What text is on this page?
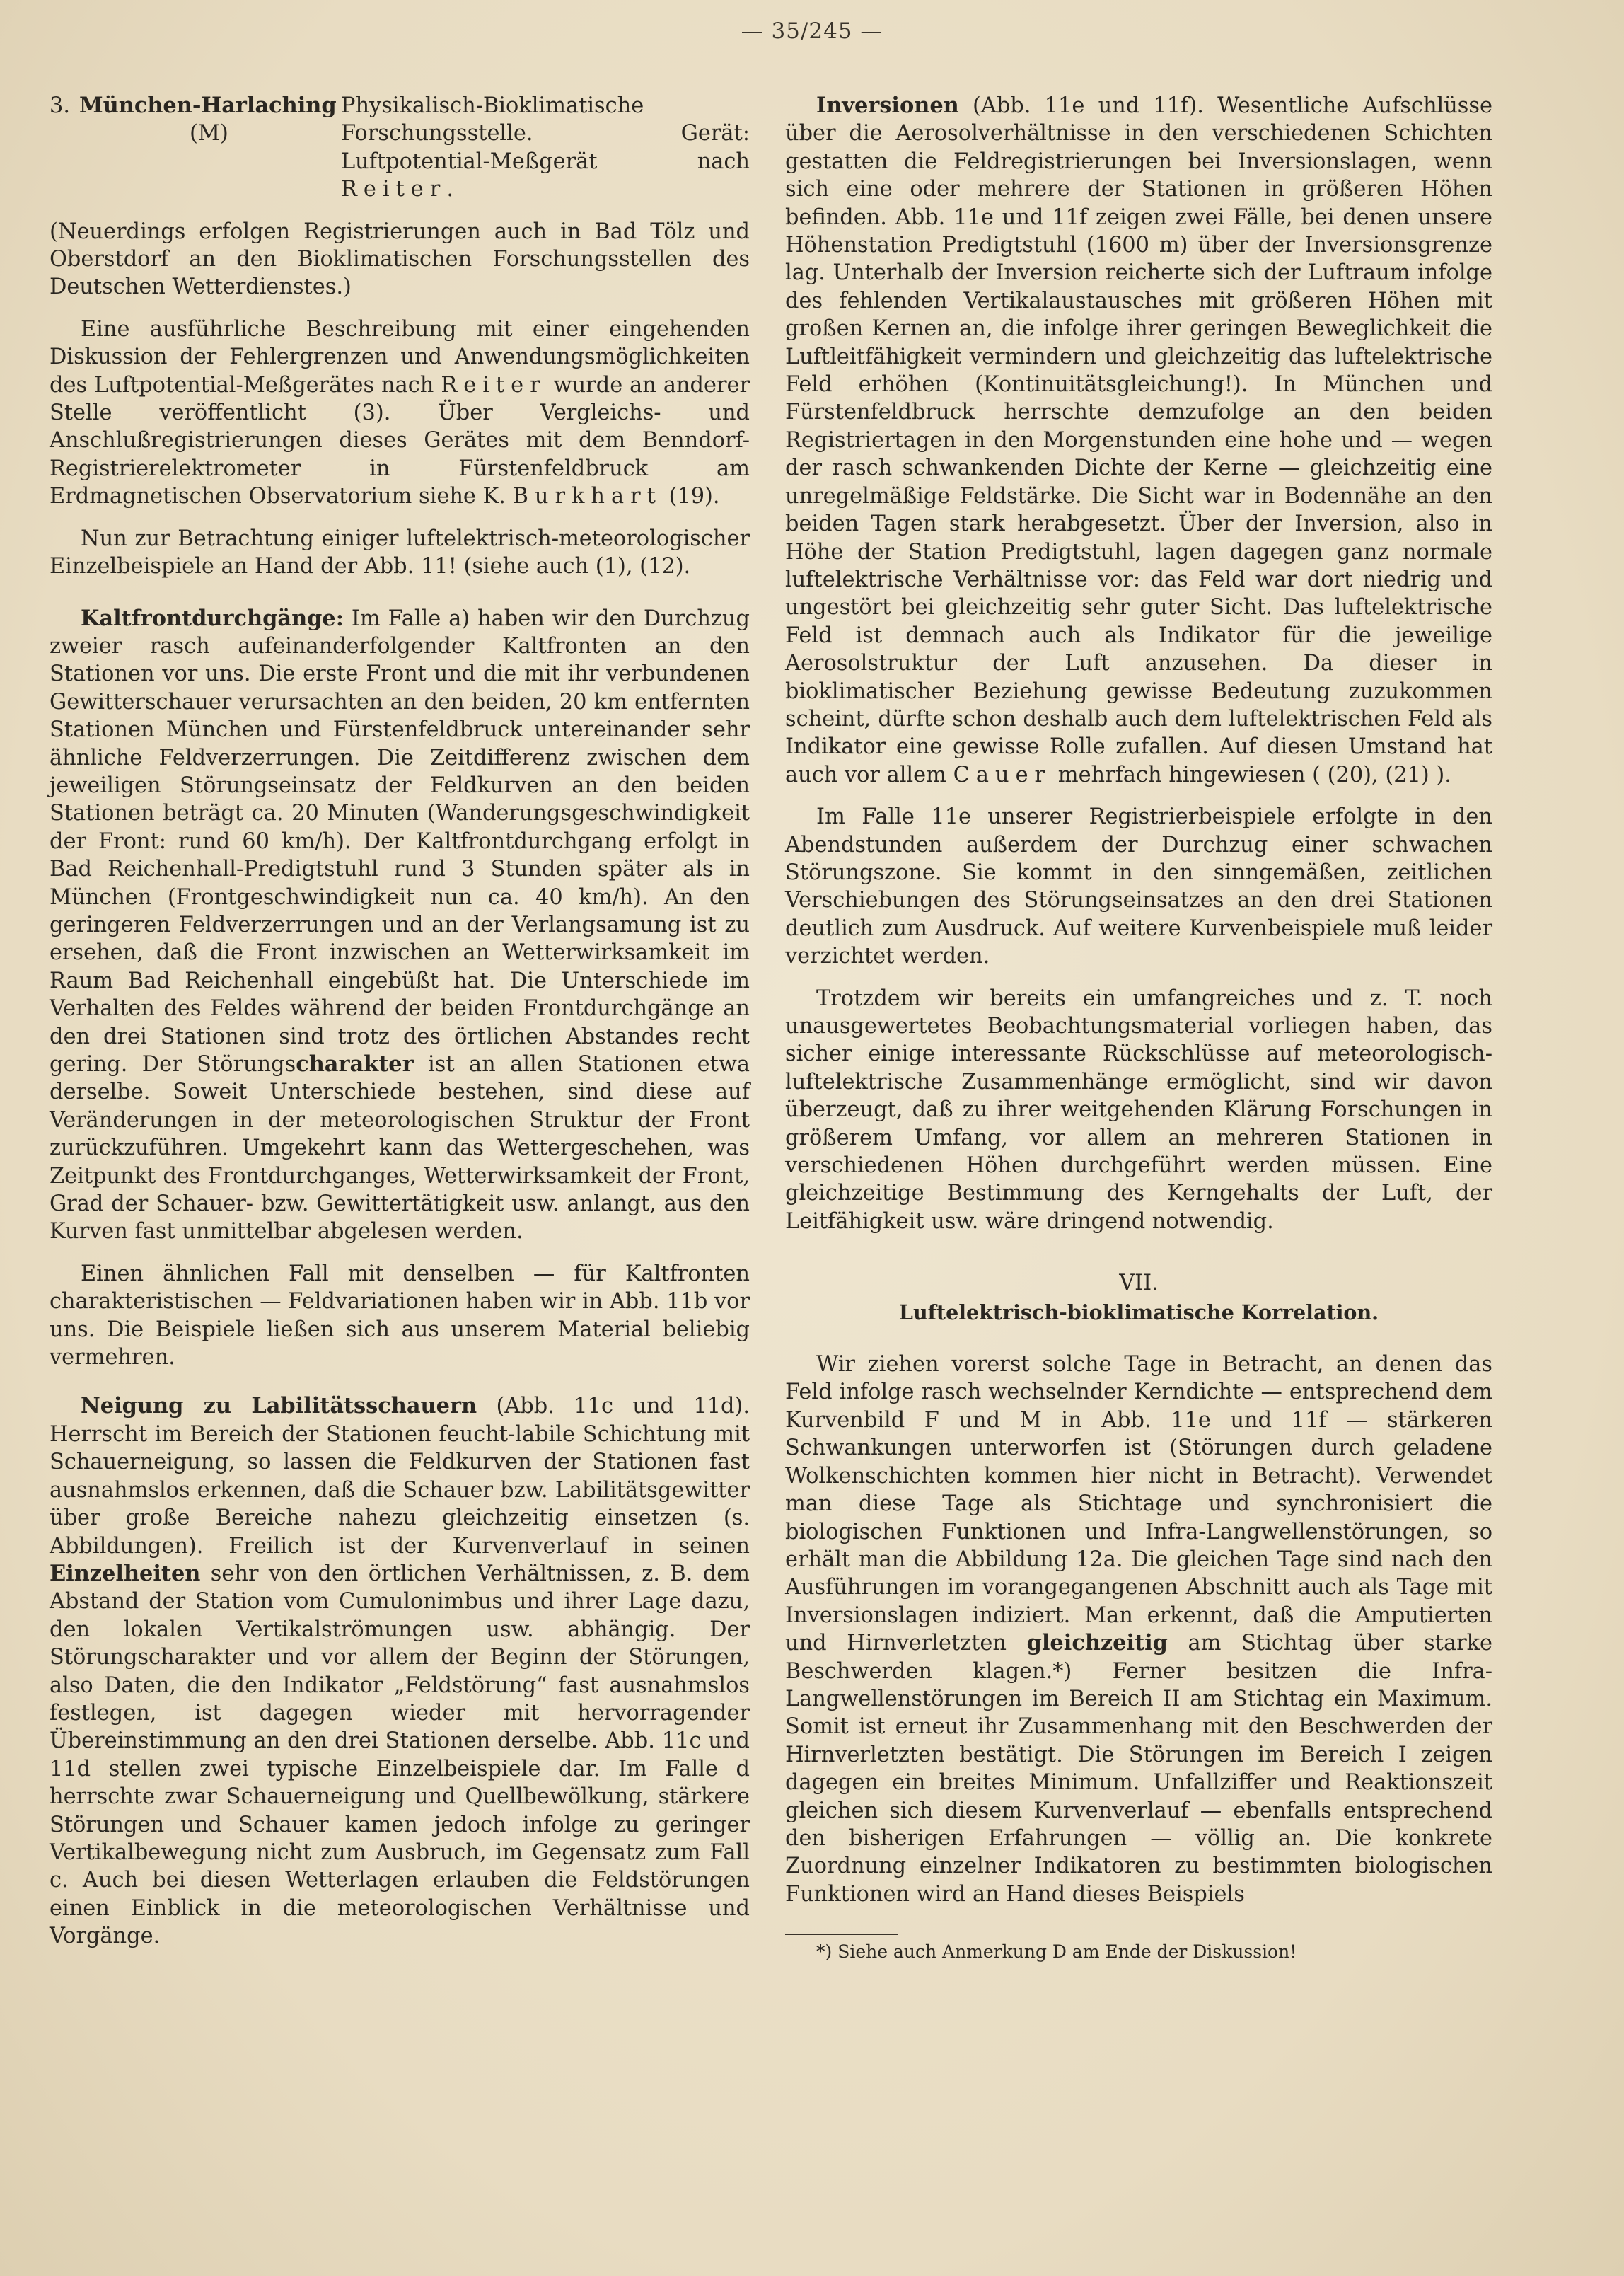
— 35/245 —
3. München-Harlaching
(M)
Physikalisch-Bioklimatische Forschungsstelle. Gerät: Luftpotential-Meßgerät nach Reiter.

(Neuerdings erfolgen Registrierungen auch in Bad Tölz und Oberstdorf an den Bioklimatischen Forschungsstellen des Deutschen Wetterdienstes.)

Eine ausführliche Beschreibung mit einer eingehenden Diskussion der Fehlergrenzen und Anwendungsmöglichkeiten des Luftpotential-Meßgerätes nach Reiter wurde an anderer Stelle veröffentlicht (3). Über Vergleichs- und Anschlußregistrierungen dieses Gerätes mit dem Benndorf-Registrierelektrometer in Fürstenfeldbruck am Erdmagnetischen Observatorium siehe K. Burkhart (19).

Nun zur Betrachtung einiger luftelektrisch-meteorologischer Einzelbeispiele an Hand der Abb. 11! (siehe auch (1), (12).

Kaltfrontdurchgänge: Im Falle a) haben wir den Durchzug zweier rasch aufeinanderfolgender Kaltfronten an den Stationen vor uns. Die erste Front und die mit ihr verbundenen Gewitterschauer verursachten an den beiden, 20 km entfernten Stationen München und Fürstenfeldbruck untereinander sehr ähnliche Feldverzerrungen. Die Zeitdifferenz zwischen dem jeweiligen Störungseinsatz der Feldkurven an den beiden Stationen beträgt ca. 20 Minuten (Wanderungsgeschwindigkeit der Front: rund 60 km/h). Der Kaltfrontdurchgang erfolgt in Bad Reichenhall-Predigtstuhl rund 3 Stunden später als in München (Frontgeschwindigkeit nun ca. 40 km/h). An den geringeren Feldverzerrungen und an der Verlangsamung ist zu ersehen, daß die Front inzwischen an Wetterwirksamkeit im Raum Bad Reichenhall eingebüßt hat. Die Unterschiede im Verhalten des Feldes während der beiden Frontdurchgänge an den drei Stationen sind trotz des örtlichen Abstandes recht gering. Der Störungscharakter ist an allen Stationen etwa derselbe. Soweit Unterschiede bestehen, sind diese auf Veränderungen in der meteorologischen Struktur der Front zurückzuführen. Umgekehrt kann das Wettergeschehen, was Zeitpunkt des Frontdurchganges, Wetterwirksamkeit der Front, Grad der Schauer- bzw. Gewittertätigkeit usw. anlangt, aus den Kurven fast unmittelbar abgelesen werden.

Einen ähnlichen Fall mit denselben — für Kaltfronten charakteristischen — Feldvariationen haben wir in Abb. 11b vor uns. Die Beispiele ließen sich aus unserem Material beliebig vermehren.

Neigung zu Labilitätsschauern (Abb. 11c und 11d). Herrscht im Bereich der Stationen feucht-labile Schichtung mit Schauerneigung, so lassen die Feldkurven der Stationen fast ausnahmslos erkennen, daß die Schauer bzw. Labilitätsgewitter über große Bereiche nahezu gleichzeitig einsetzen (s. Abbildungen). Freilich ist der Kurvenverlauf in seinen Einzelheiten sehr von den örtlichen Verhältnissen, z. B. dem Abstand der Station vom Cumulonimbus und ihrer Lage dazu, den lokalen Vertikalströmungen usw. abhängig. Der Störungscharakter und vor allem der Beginn der Störungen, also Daten, die den Indikator „Feldstörung“ fast ausnahmslos festlegen, ist dagegen wieder mit hervorragender Übereinstimmung an den drei Stationen derselbe. Abb. 11c und 11d stellen zwei typische Einzelbeispiele dar. Im Falle d herrschte zwar Schauerneigung und Quellbewölkung, stärkere Störungen und Schauer kamen jedoch infolge zu geringer Vertikalbewegung nicht zum Ausbruch, im Gegensatz zum Fall c. Auch bei diesen Wetterlagen erlauben die Feldstörungen einen Einblick in die meteorologischen Verhältnisse und Vorgänge.

Inversionen (Abb. 11e und 11f). Wesentliche Aufschlüsse über die Aerosolverhältnisse in den verschiedenen Schichten gestatten die Feldregistrierungen bei Inversionslagen, wenn sich eine oder mehrere der Stationen in größeren Höhen befinden. Abb. 11e und 11f zeigen zwei Fälle, bei denen unsere Höhenstation Predigtstuhl (1600 m) über der Inversionsgrenze lag. Unterhalb der Inversion reicherte sich der Luftraum infolge des fehlenden Vertikalaustausches mit größeren Höhen mit großen Kernen an, die infolge ihrer geringen Beweglichkeit die Luftleitfähigkeit vermindern und gleichzeitig das luftelektrische Feld erhöhen (Kontinuitätsgleichung!). In München und Fürstenfeldbruck herrschte demzufolge an den beiden Registriertagen in den Morgenstunden eine hohe und — wegen der rasch schwankenden Dichte der Kerne — gleichzeitig eine unregelmäßige Feldstärke. Die Sicht war in Bodennähe an den beiden Tagen stark herabgesetzt. Über der Inversion, also in Höhe der Station Predigtstuhl, lagen dagegen ganz normale luftelektrische Verhältnisse vor: das Feld war dort niedrig und ungestört bei gleichzeitig sehr guter Sicht. Das luftelektrische Feld ist demnach auch als Indikator für die jeweilige Aerosolstruktur der Luft anzusehen. Da dieser in bioklimatischer Beziehung gewisse Bedeutung zuzukommen scheint, dürfte schon deshalb auch dem luftelektrischen Feld als Indikator eine gewisse Rolle zufallen. Auf diesen Umstand hat auch vor allem Cauer mehrfach hingewiesen ( (20), (21) ).

Im Falle 11e unserer Registrierbeispiele erfolgte in den Abendstunden außerdem der Durchzug einer schwachen Störungszone. Sie kommt in den sinngemäßen, zeitlichen Verschiebungen des Störungseinsatzes an den drei Stationen deutlich zum Ausdruck. Auf weitere Kurvenbeispiele muß leider verzichtet werden.

Trotzdem wir bereits ein umfangreiches und z. T. noch unausgewertetes Beobachtungsmaterial vorliegen haben, das sicher einige interessante Rückschlüsse auf meteorologisch-luftelektrische Zusammenhänge ermöglicht, sind wir davon überzeugt, daß zu ihrer weitgehenden Klärung Forschungen in größerem Umfang, vor allem an mehreren Stationen in verschiedenen Höhen durchgeführt werden müssen. Eine gleichzeitige Bestimmung des Kerngehalts der Luft, der Leitfähigkeit usw. wäre dringend notwendig.

VII.
Luftelektrisch-bioklimatische Korrelation.

Wir ziehen vorerst solche Tage in Betracht, an denen das Feld infolge rasch wechselnder Kerndichte — entsprechend dem Kurvenbild F und M in Abb. 11e und 11f — stärkeren Schwankungen unterworfen ist (Störungen durch geladene Wolkenschichten kommen hier nicht in Betracht). Verwendet man diese Tage als Stichtage und synchronisiert die biologischen Funktionen und Infra-Langwellenstörungen, so erhält man die Abbildung 12a. Die gleichen Tage sind nach den Ausführungen im vorangegangenen Abschnitt auch als Tage mit Inversionslagen indiziert. Man erkennt, daß die Amputierten und Hirnverletzten gleichzeitig am Stichtag über starke Beschwerden klagen.*) Ferner besitzen die Infra-Langwellenstörungen im Bereich II am Stichtag ein Maximum. Somit ist erneut ihr Zusammenhang mit den Beschwerden der Hirnverletzten bestätigt. Die Störungen im Bereich I zeigen dagegen ein breites Minimum. Unfallziffer und Reaktionszeit gleichen sich diesem Kurvenverlauf — ebenfalls entsprechend den bisherigen Erfahrungen — völlig an. Die konkrete Zuordnung einzelner Indikatoren zu bestimmten biologischen Funktionen wird an Hand dieses Beispiels

*) Siehe auch Anmerkung D am Ende der Diskussion!
